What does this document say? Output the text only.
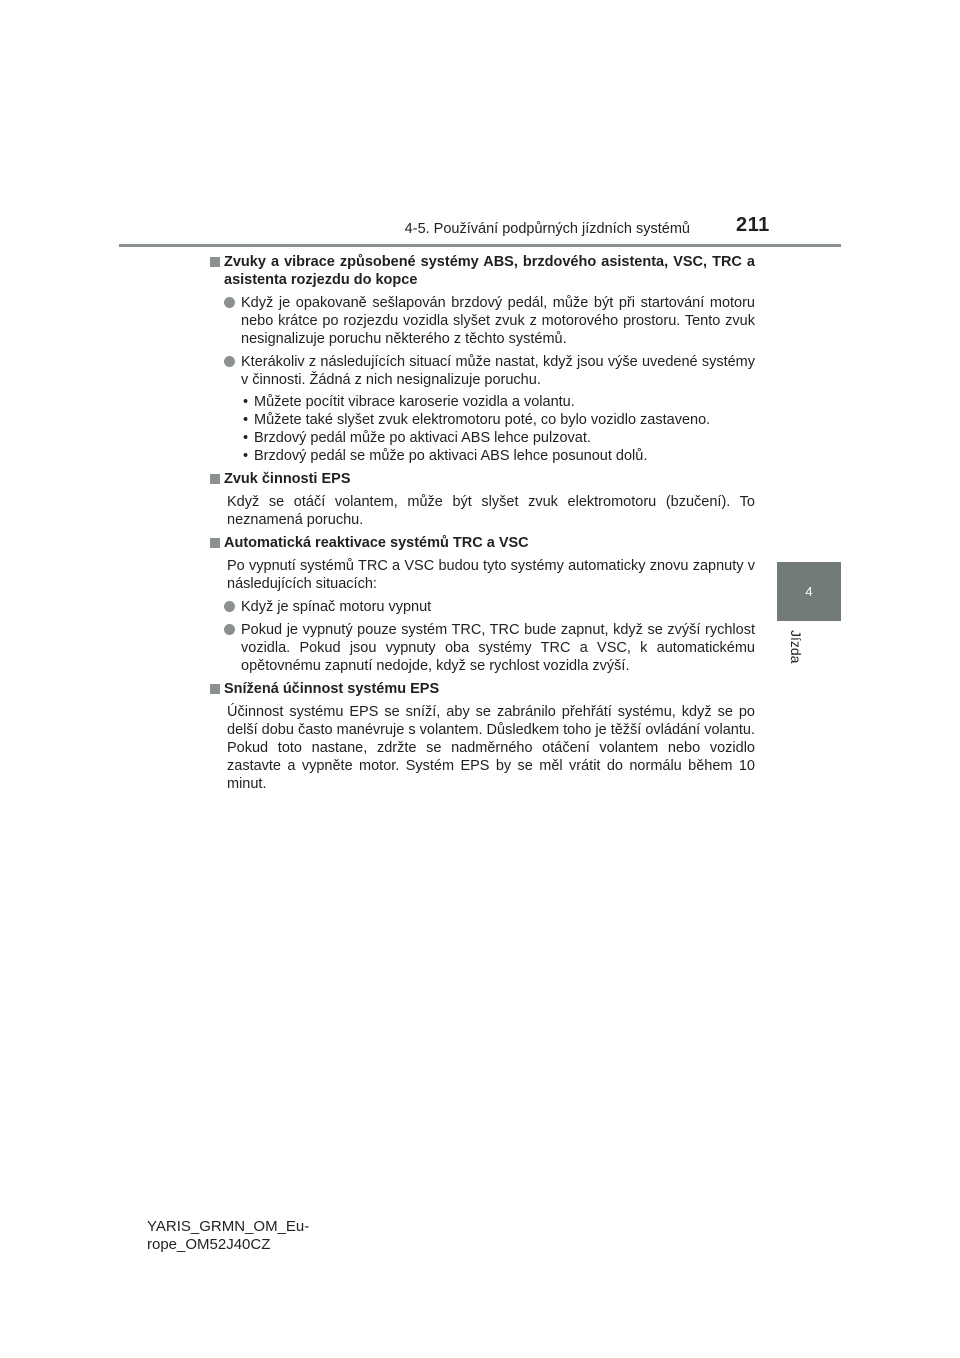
4-5. Používání podpůrných jízdních systémů 211
4
Jízda
Zvuky a vibrace způsobené systémy ABS, brzdového asistenta, VSC, TRC a asistenta rozjezdu do kopce
Když je opakovaně sešlapován brzdový pedál, může být při startování motoru nebo krátce po rozjezdu vozidla slyšet zvuk z motorového prostoru. Tento zvuk nesignalizuje poruchu některého z těchto systémů.
Kterákoliv z následujících situací může nastat, když jsou výše uvedené systémy v činnosti. Žádná z nich nesignalizuje poruchu.
• Můžete pocítit vibrace karoserie vozidla a volantu.
• Můžete také slyšet zvuk elektromotoru poté, co bylo vozidlo zastaveno.
• Brzdový pedál může po aktivaci ABS lehce pulzovat.
• Brzdový pedál se může po aktivaci ABS lehce posunout dolů.
Zvuk činnosti EPS
Když se otáčí volantem, může být slyšet zvuk elektromotoru (bzučení). To neznamená poruchu.
Automatická reaktivace systémů TRC a VSC
Po vypnutí systémů TRC a VSC budou tyto systémy automaticky znovu zapnuty v následujících situacích:
Když je spínač motoru vypnut
Pokud je vypnutý pouze systém TRC, TRC bude zapnut, když se zvýší rychlost vozidla. Pokud jsou vypnuty oba systémy TRC a VSC, k automatickému opětovnému zapnutí nedojde, když se rychlost vozidla zvýší.
Snížená účinnost systému EPS
Účinnost systému EPS se sníží, aby se zabránilo přehřátí systému, když se po delší dobu často manévruje s volantem. Důsledkem toho je těžší ovládání volantu. Pokud toto nastane, zdržte se nadměrného otáčení volantem nebo vozidlo zastavte a vypněte motor. Systém EPS by se měl vrátit do normálu během 10 minut.
YARIS_GRMN_OM_Eu-
rope_OM52J40CZ
